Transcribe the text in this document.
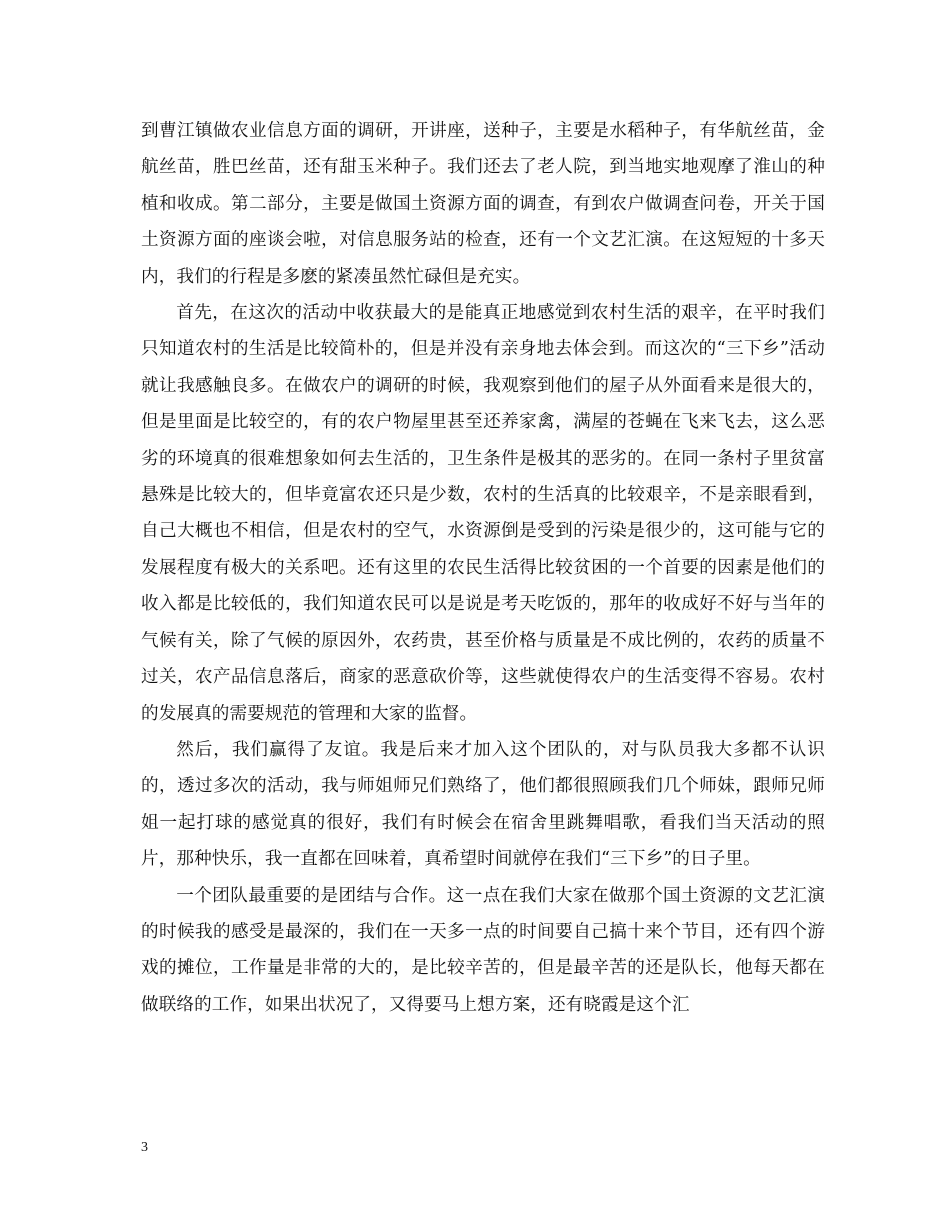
到曹江镇做农业信息方面的调研，开讲座，送种子，主要是水稻种子，有华航丝苗，金航丝苗，胜巴丝苗，还有甜玉米种子。我们还去了老人院，到当地实地观摩了淮山的种植和收成。第二部分，主要是做国土资源方面的调查，有到农户做调查问卷，开关于国土资源方面的座谈会啦，对信息服务站的检查，还有一个文艺汇演。在这短短的十多天内，我们的行程是多麽的紧凑虽然忙碌但是充实。

首先，在这次的活动中收获最大的是能真正地感觉到农村生活的艰辛，在平时我们只知道农村的生活是比较简朴的，但是并没有亲身地去体会到。而这次的“三下乡”活动就让我感触良多。在做农户的调研的时候，我观察到他们的屋子从外面看来是很大的，但是里面是比较空的，有的农户物屋里甚至还养家禽，满屋的苍蝇在飞来飞去，这么恶劣的环境真的很难想象如何去生活的，卫生条件是极其的恶劣的。在同一条村子里贫富悬殊是比较大的，但毕竟富农还只是少数，农村的生活真的比较艰辛，不是亲眼看到，自己大概也不相信，但是农村的空气，水资源倒是受到的污染是很少的，这可能与它的发展程度有极大的关系吧。还有这里的农民生活得比较贫困的一个首要的因素是他们的收入都是比较低的，我们知道农民可以是说是考天吃饭的，那年的收成好不好与当年的气候有关，除了气候的原因外，农药贵，甚至价格与质量是不成比例的，农药的质量不过关，农产品信息落后，商家的恶意砍价等，这些就使得农户的生活变得不容易。农村的发展真的需要规范的管理和大家的监督。

然后，我们赢得了友谊。我是后来才加入这个团队的，对与队员我大多都不认识的，透过多次的活动，我与师姐师兄们熟络了，他们都很照顾我们几个师妹，跟师兄师姐一起打球的感觉真的很好，我们有时候会在宿舍里跳舞唱歌，看我们当天活动的照片，那种快乐，我一直都在回味着，真希望时间就停在我们“三下乡”的日子里。

一个团队最重要的是团结与合作。这一点在我们大家在做那个国土资源的文艺汇演的时候我的感受是最深的，我们在一天多一点的时间要自己搞十来个节目，还有四个游戏的摊位，工作量是非常的大的，是比较辛苦的，但是最辛苦的还是队长，他每天都在做联络的工作，如果出状况了，又得要马上想方案，还有晓霞是这个汇

3
